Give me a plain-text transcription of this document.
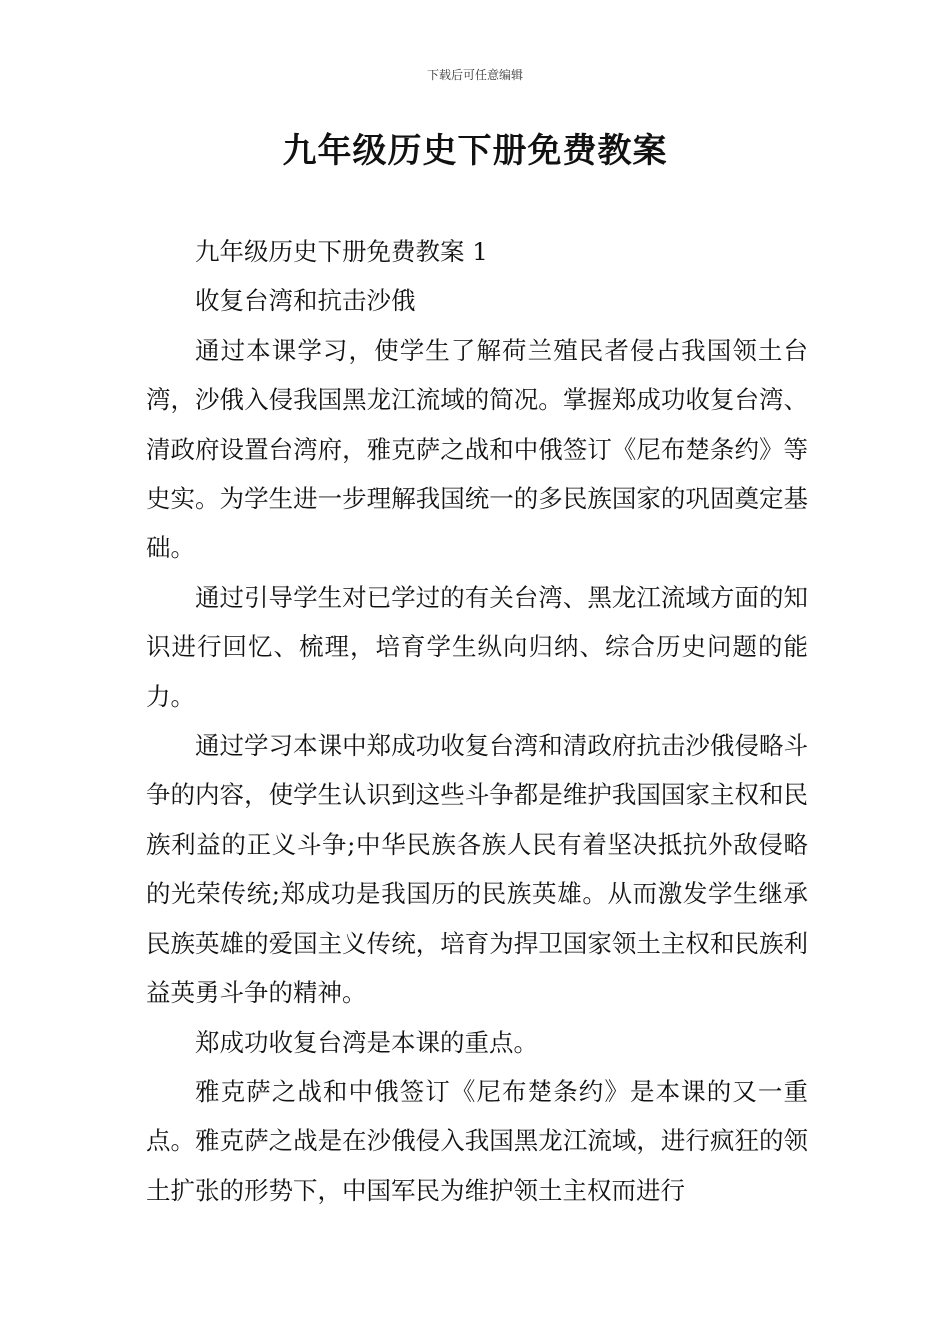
下载后可任意编辑
九年级历史下册免费教案

九年级历史下册免费教案 1

收复台湾和抗击沙俄

通过本课学习，使学生了解荷兰殖民者侵占我国领土台湾，沙俄入侵我国黑龙江流域的简况。掌握郑成功收复台湾、清政府设置台湾府，雅克萨之战和中俄签订《尼布楚条约》等史实。为学生进一步理解我国统一的多民族国家的巩固奠定基础。

通过引导学生对已学过的有关台湾、黑龙江流域方面的知识进行回忆、梳理，培育学生纵向归纳、综合历史问题的能力。

通过学习本课中郑成功收复台湾和清政府抗击沙俄侵略斗争的内容，使学生认识到这些斗争都是维护我国国家主权和民族利益的正义斗争;中华民族各族人民有着坚决抵抗外敌侵略的光荣传统;郑成功是我国历的民族英雄。从而激发学生继承民族英雄的爱国主义传统，培育为捍卫国家领土主权和民族利益英勇斗争的精神。

郑成功收复台湾是本课的重点。

雅克萨之战和中俄签订《尼布楚条约》是本课的又一重点。雅克萨之战是在沙俄侵入我国黑龙江流域，进行疯狂的领土扩张的形势下，中国军民为维护领土主权而进行
